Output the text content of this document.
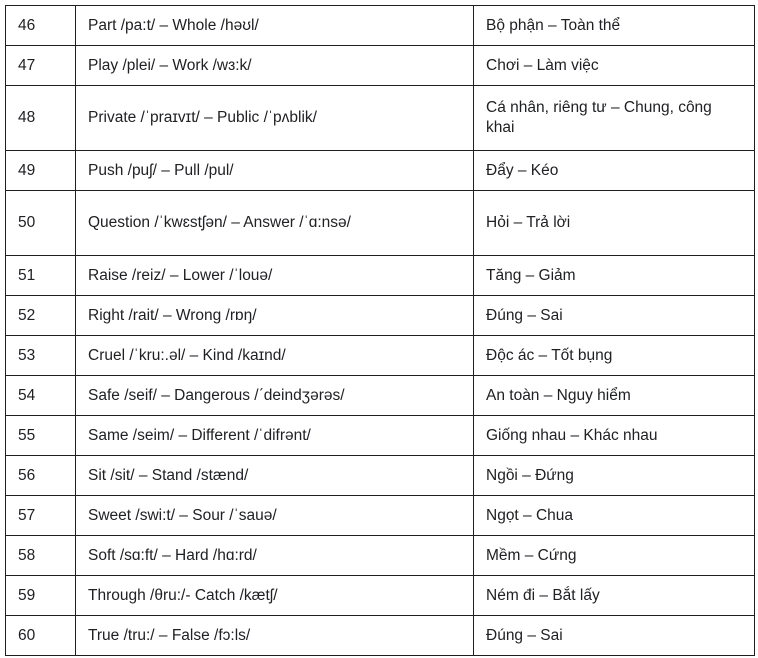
46	Part /pa:t/ – Whole /həʊl/	Bộ phận – Toàn thể
47	Play /plei/ – Work /wɜ:k/	Chơi – Làm việc
48	Private /ˈpraɪvɪt/ – Public /ˈpʌblik/	Cá nhân, riêng tư – Chung, công khai
49	Push /puʃ/ – Pull /pul/	Đẩy – Kéo
50	Question /ˈkwɛstʃən/ – Answer /ˈɑ:nsə/	Hỏi – Trả lời
51	Raise /reiz/ – Lower /ˈlouə/	Tăng – Giảm
52	Right /rait/ – Wrong /rɒŋ/	Đúng – Sai
53	Cruel /ˈkru:.əl/ – Kind /kaɪnd/	Độc ác – Tốt bụng
54	Safe /seif/ – Dangerous /ˊdeindʒərəs/	An toàn – Nguy hiểm
55	Same /seim/ – Different /ˈdifrənt/	Giống nhau – Khác nhau
56	Sit /sit/ – Stand /stænd/	Ngồi – Đứng
57	Sweet /swi:t/ – Sour /ˈsauə/	Ngọt – Chua
58	Soft /sɑ:ft/ – Hard /hɑ:rd/	Mềm – Cứng
59	Through /θru:/- Catch /kætʃ/	Ném đi – Bắt lấy
60	True /tru:/ – False /fɔ:ls/	Đúng – Sai
